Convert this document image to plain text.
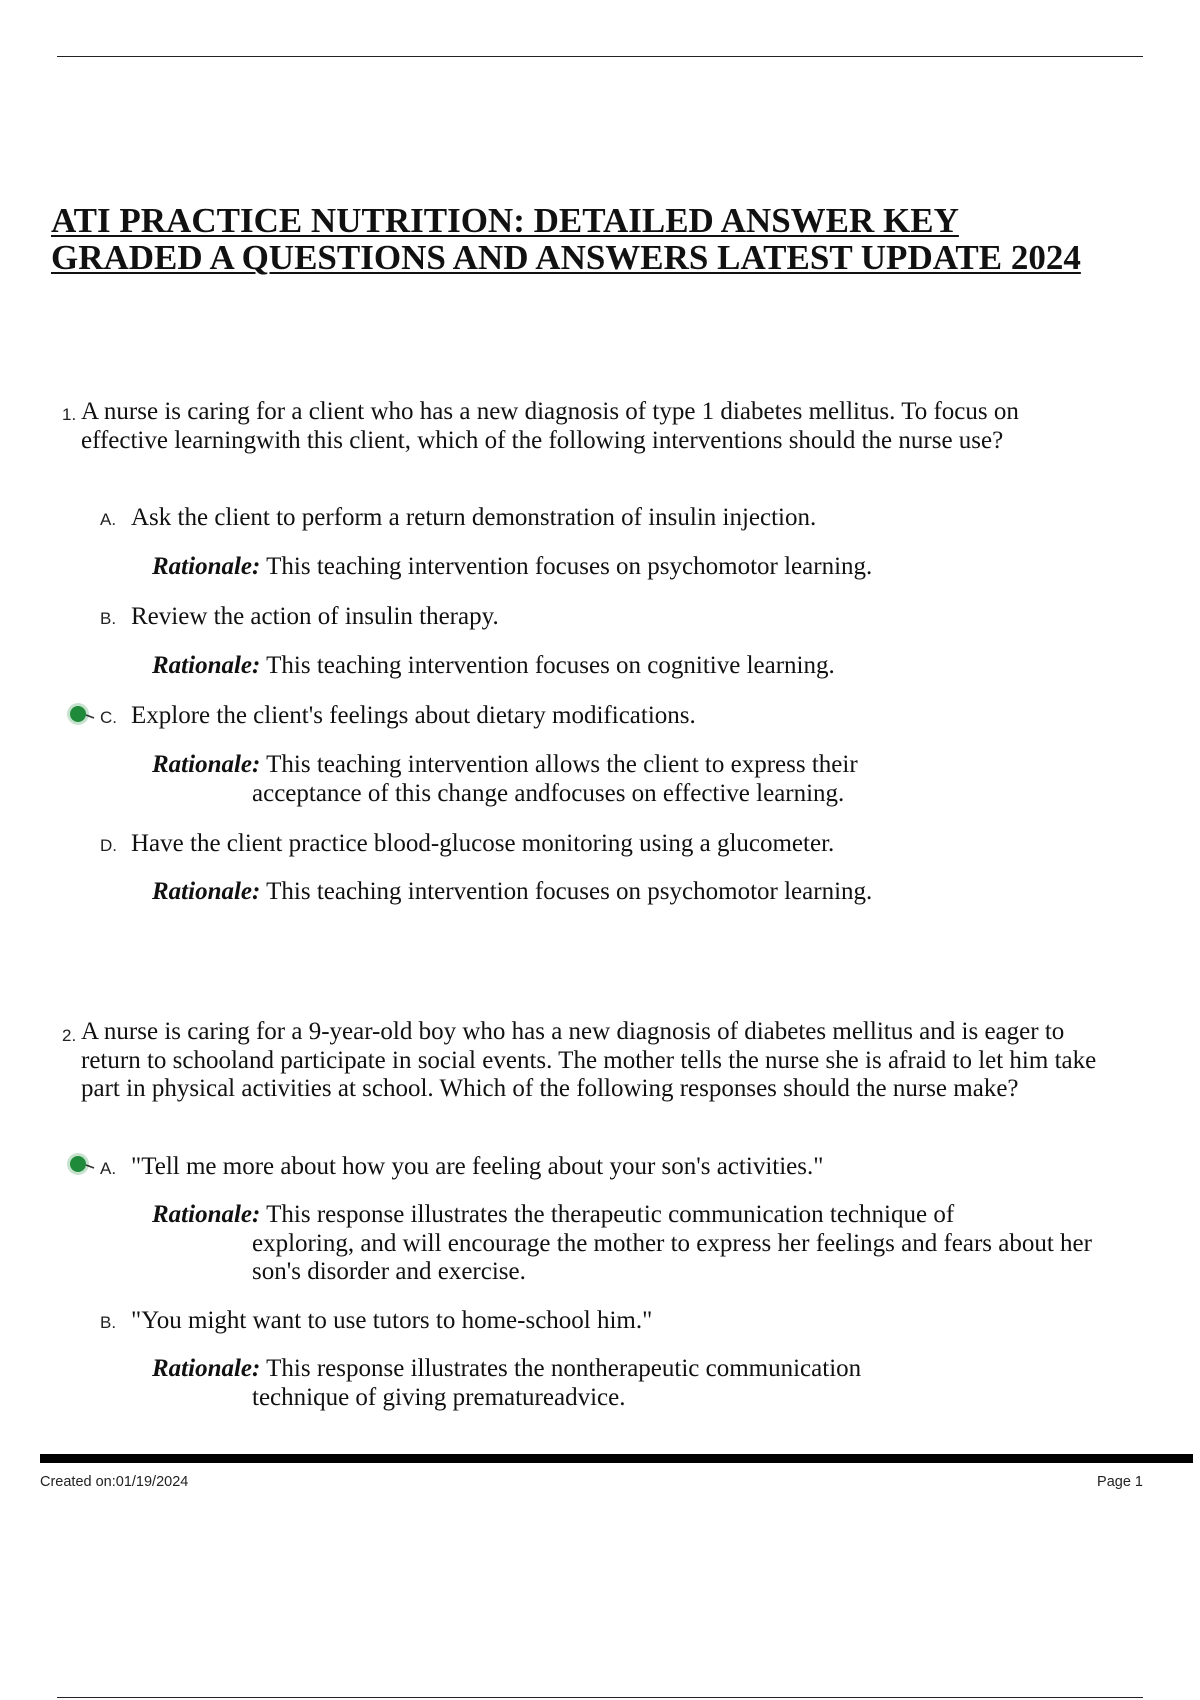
ATI PRACTICE NUTRITION: DETAILED ANSWER KEY GRADED A QUESTIONS AND ANSWERS LATEST UPDATE 2024
1. A nurse is caring for a client who has a new diagnosis of type 1 diabetes mellitus. To focus on effective learningwith this client, which of the following interventions should the nurse use?

A. Ask the client to perform a return demonstration of insulin injection.

Rationale: This teaching intervention focuses on psychomotor learning.

B. Review the action of insulin therapy.

Rationale: This teaching intervention focuses on cognitive learning.

C. Explore the client's feelings about dietary modifications.

Rationale: This teaching intervention allows the client to express their
acceptance of this change andfocuses on effective learning.

D. Have the client practice blood-glucose monitoring using a glucometer.

Rationale: This teaching intervention focuses on psychomotor learning.

2. A nurse is caring for a 9-year-old boy who has a new diagnosis of diabetes mellitus and is eager to return to schooland participate in social events. The mother tells the nurse she is afraid to let him take part in physical activities at school. Which of the following responses should the nurse make?

A. "Tell me more about how you are feeling about your son's activities."

Rationale: This response illustrates the therapeutic communication technique of
exploring, and will encourage the mother to express her feelings and fears about her son's disorder and exercise.

B. "You might want to use tutors to home-school him."

Rationale: This response illustrates the nontherapeutic communication
technique of giving prematureadvice.

Created on:01/19/2024	Page 1
